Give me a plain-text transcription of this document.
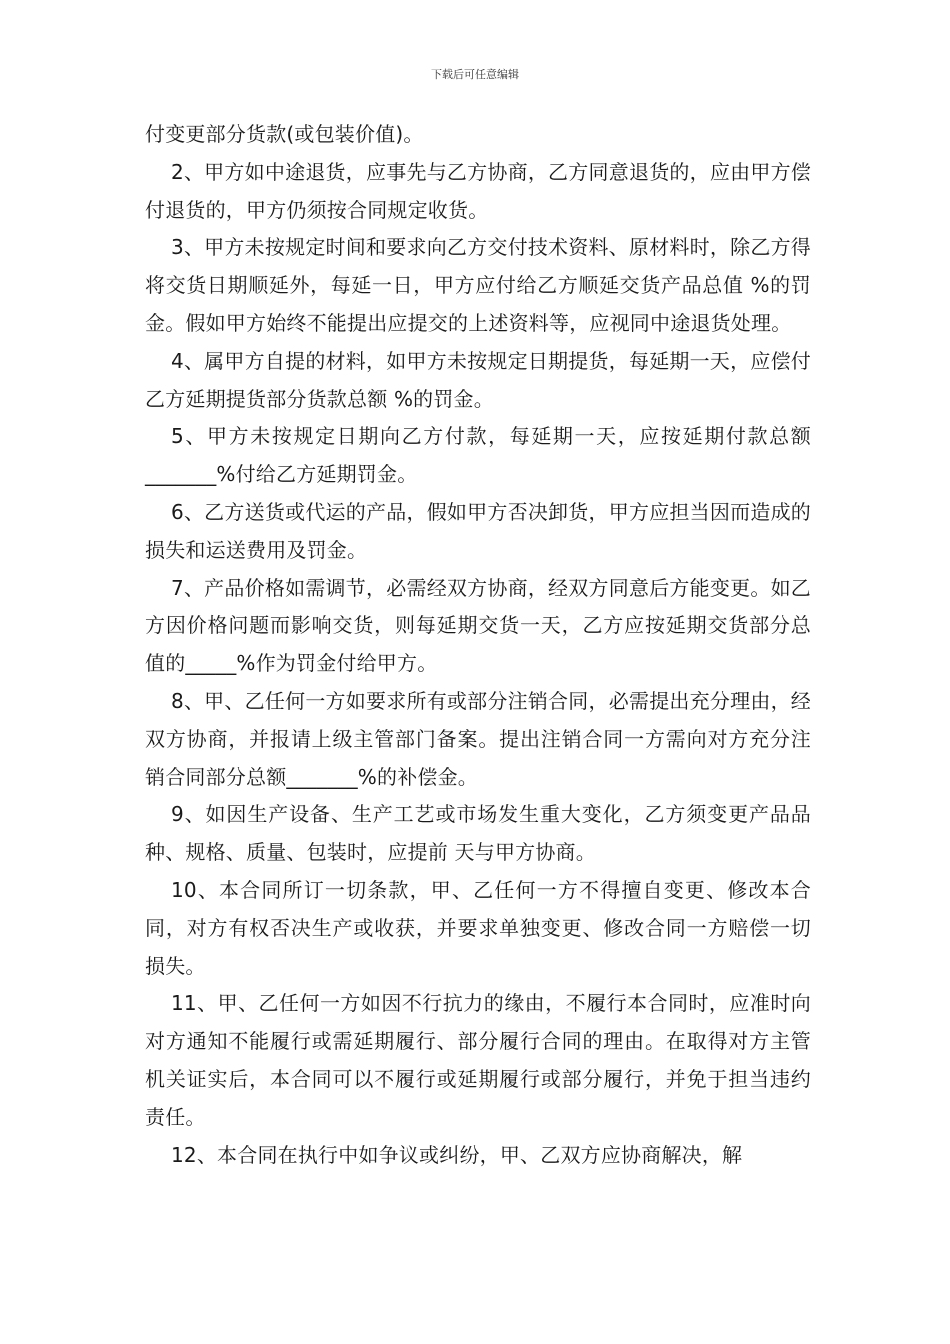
下载后可任意编辑

付变更部分货款(或包装价值)。

2、甲方如中途退货，应事先与乙方协商，乙方同意退货的，应由甲方偿付退货的，甲方仍须按合同规定收货。

3、甲方未按规定时间和要求向乙方交付技术资料、原材料时，除乙方得将交货日期顺延外，每延一日，甲方应付给乙方顺延交货产品总值 %的罚金。假如甲方始终不能提出应提交的上述资料等，应视同中途退货处理。

4、属甲方自提的材料，如甲方未按规定日期提货，每延期一天，应偿付乙方延期提货部分货款总额 %的罚金。

5、甲方未按规定日期向乙方付款，每延期一天，应按延期付款总额_______%付给乙方延期罚金。

6、乙方送货或代运的产品，假如甲方否决卸货，甲方应担当因而造成的损失和运送费用及罚金。

7、产品价格如需调节，必需经双方协商，经双方同意后方能变更。如乙方因价格问题而影响交货，则每延期交货一天，乙方应按延期交货部分总值的_____%作为罚金付给甲方。

8、甲、乙任何一方如要求所有或部分注销合同，必需提出充分理由，经双方协商，并报请上级主管部门备案。提出注销合同一方需向对方充分注销合同部分总额_______%的补偿金。

9、如因生产设备、生产工艺或市场发生重大变化，乙方须变更产品品种、规格、质量、包装时，应提前 天与甲方协商。

10、本合同所订一切条款，甲、乙任何一方不得擅自变更、修改本合同，对方有权否决生产或收获，并要求单独变更、修改合同一方赔偿一切损失。

11、甲、乙任何一方如因不行抗力的缘由，不履行本合同时，应准时向对方通知不能履行或需延期履行、部分履行合同的理由。在取得对方主管机关证实后，本合同可以不履行或延期履行或部分履行，并免于担当违约责任。

12、本合同在执行中如争议或纠纷，甲、乙双方应协商解决，解
